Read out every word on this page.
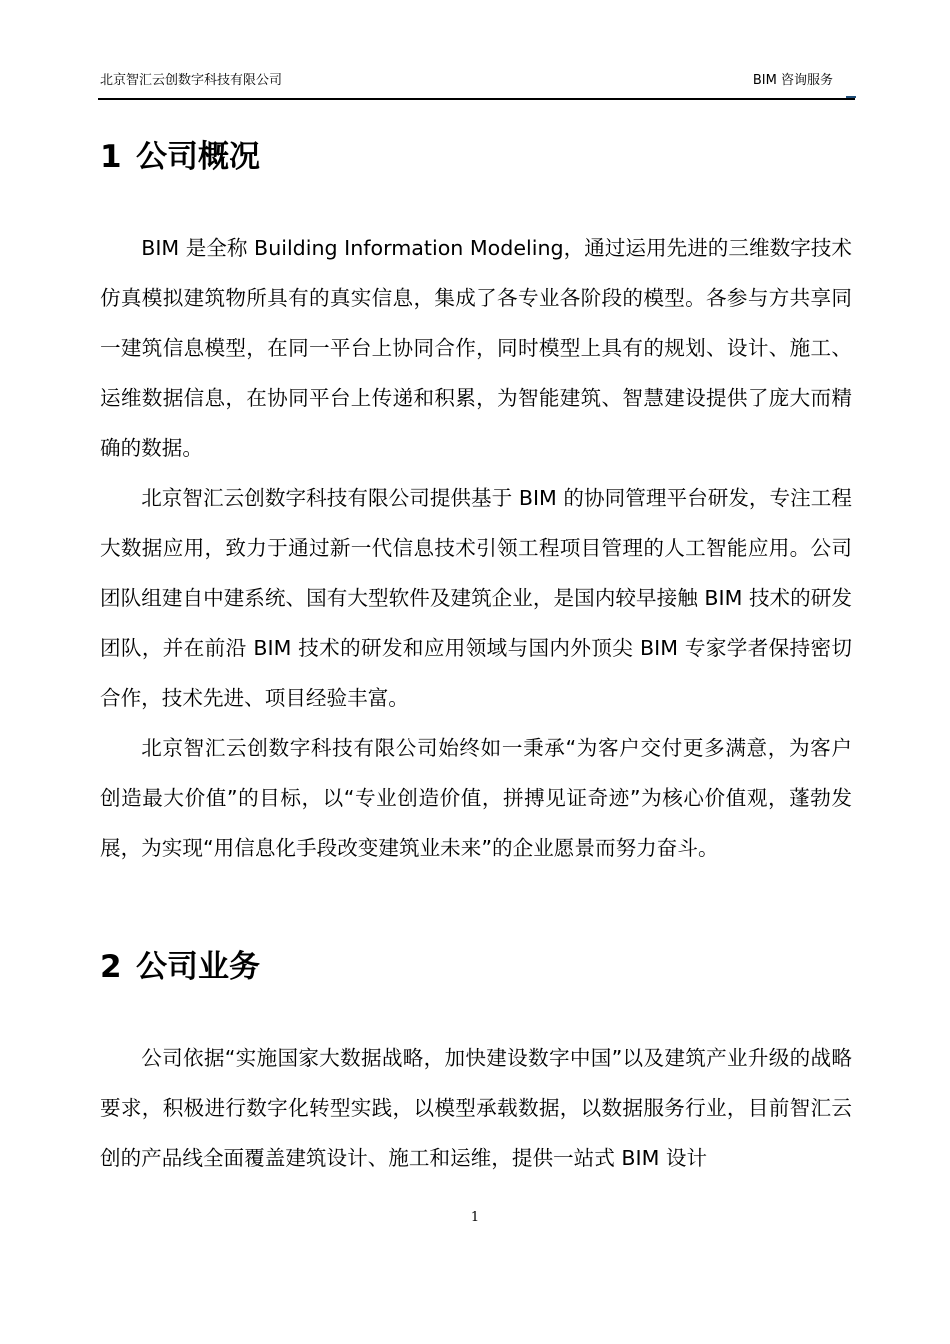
北京智汇云创数字科技有限公司	BIM 咨询服务
1 公司概况

BIM 是全称 Building Information Modeling，通过运用先进的三维数字技术仿真模拟建筑物所具有的真实信息，集成了各专业各阶段的模型。各参与方共享同一建筑信息模型，在同一平台上协同合作，同时模型上具有的规划、设计、施工、运维数据信息，在协同平台上传递和积累，为智能建筑、智慧建设提供了庞大而精确的数据。

北京智汇云创数字科技有限公司提供基于 BIM 的协同管理平台研发，专注工程大数据应用，致力于通过新一代信息技术引领工程项目管理的人工智能应用。公司团队组建自中建系统、国有大型软件及建筑企业，是国内较早接触 BIM 技术的研发团队，并在前沿 BIM 技术的研发和应用领域与国内外顶尖 BIM 专家学者保持密切合作，技术先进、项目经验丰富。

北京智汇云创数字科技有限公司始终如一秉承“为客户交付更多满意，为客户创造最大价值”的目标，以“专业创造价值，拼搏见证奇迹”为核心价值观，蓬勃发展，为实现“用信息化手段改变建筑业未来”的企业愿景而努力奋斗。

2 公司业务

公司依据“实施国家大数据战略，加快建设数字中国”以及建筑产业升级的战略要求，积极进行数字化转型实践，以模型承载数据，以数据服务行业，目前智汇云创的产品线全面覆盖建筑设计、施工和运维，提供一站式 BIM 设计

1
